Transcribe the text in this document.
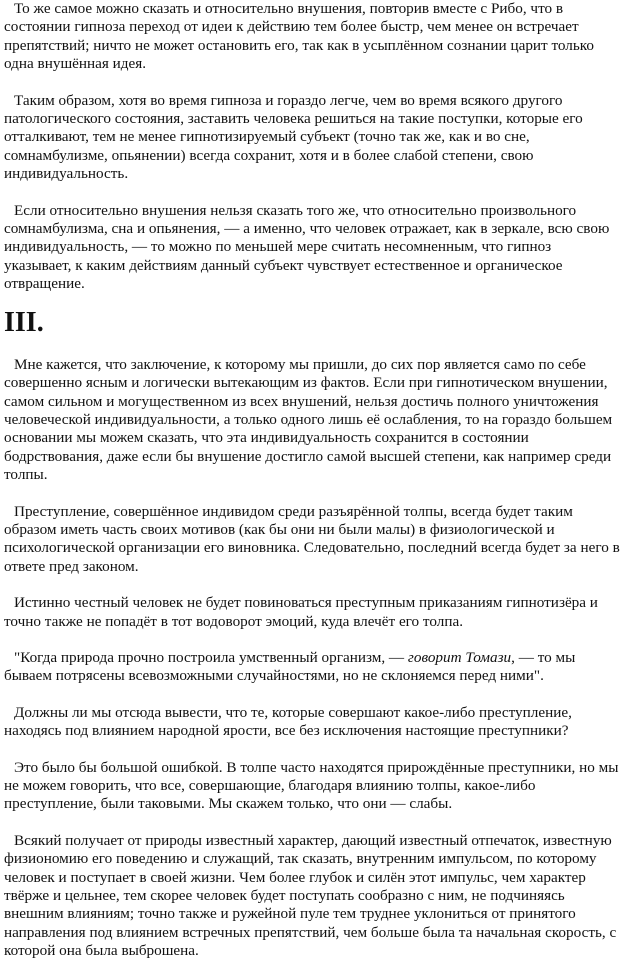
То же самое можно сказать и относительно внушения, повторив вместе с Рибо, что в состоянии гипноза переход от идеи к действию тем более быстр, чем менее он встречает препятствий; ничто не может остановить его, так как в усыплённом сознании царит только одна внушённая идея.

Таким образом, хотя во время гипноза и гораздо легче, чем во время всякого другого патологического состояния, заставить человека решиться на такие поступки, которые его отталкивают, тем не менее гипнотизируемый субъект (точно так же, как и во сне, сомнамбулизме, опьянении) всегда сохранит, хотя и в более слабой степени, свою индивидуальность.

Если относительно внушения нельзя сказать того же, что относительно произвольного сомнамбулизма, сна и опьянения, — а именно, что человек отражает, как в зеркале, всю свою индивидуальность, — то можно по меньшей мере считать несомненным, что гипноз указывает, к каким действиям данный субъект чувствует естественное и органическое отвращение.

III.

Мне кажется, что заключение, к которому мы пришли, до сих пор является само по себе совершенно ясным и логически вытекающим из фактов. Если при гипнотическом внушении, самом сильном и могущественном из всех внушений, нельзя достичь полного уничтожения человеческой индивидуальности, а только одного лишь её ослабления, то на гораздо большем основании мы можем сказать, что эта индивидуальность сохранится в состоянии бодрствования, даже если бы внушение достигло самой высшей степени, как например среди толпы.

Преступление, совершённое индивидом среди разъярённой толпы, всегда будет таким образом иметь часть своих мотивов (как бы они ни были малы) в физиологической и психологической организации его виновника. Следовательно, последний всегда будет за него в ответе пред законом.

Истинно честный человек не будет повиноваться преступным приказаниям гипнотизёра и точно также не попадёт в тот водоворот эмоций, куда влечёт его толпа.

"Когда природа прочно построила умственный организм, — говорит Томази, — то мы бываем потрясены всевозможными случайностями, но не склоняемся перед ними".

Должны ли мы отсюда вывести, что те, которые совершают какое-либо преступление, находясь под влиянием народной ярости, все без исключения настоящие преступники?

Это было бы большой ошибкой. В толпе часто находятся прирождённые преступники, но мы не можем говорить, что все, совершающие, благодаря влиянию толпы, какое-либо преступление, были таковыми. Мы скажем только, что они — слабы.

Всякий получает от природы известный характер, дающий известный отпечаток, известную физиономию его поведению и служащий, так сказать, внутренним импульсом, по которому человек и поступает в своей жизни. Чем более глубок и силён этот импульс, чем характер твёрже и цельнее, тем скорее человек будет поступать сообразно с ним, не подчиняясь внешним влияниям; точно также и ружейной пуле тем труднее уклониться от принятого направления под влиянием встречных препятствий, чем больше была та начальная скорость, с которой она была выброшена.
